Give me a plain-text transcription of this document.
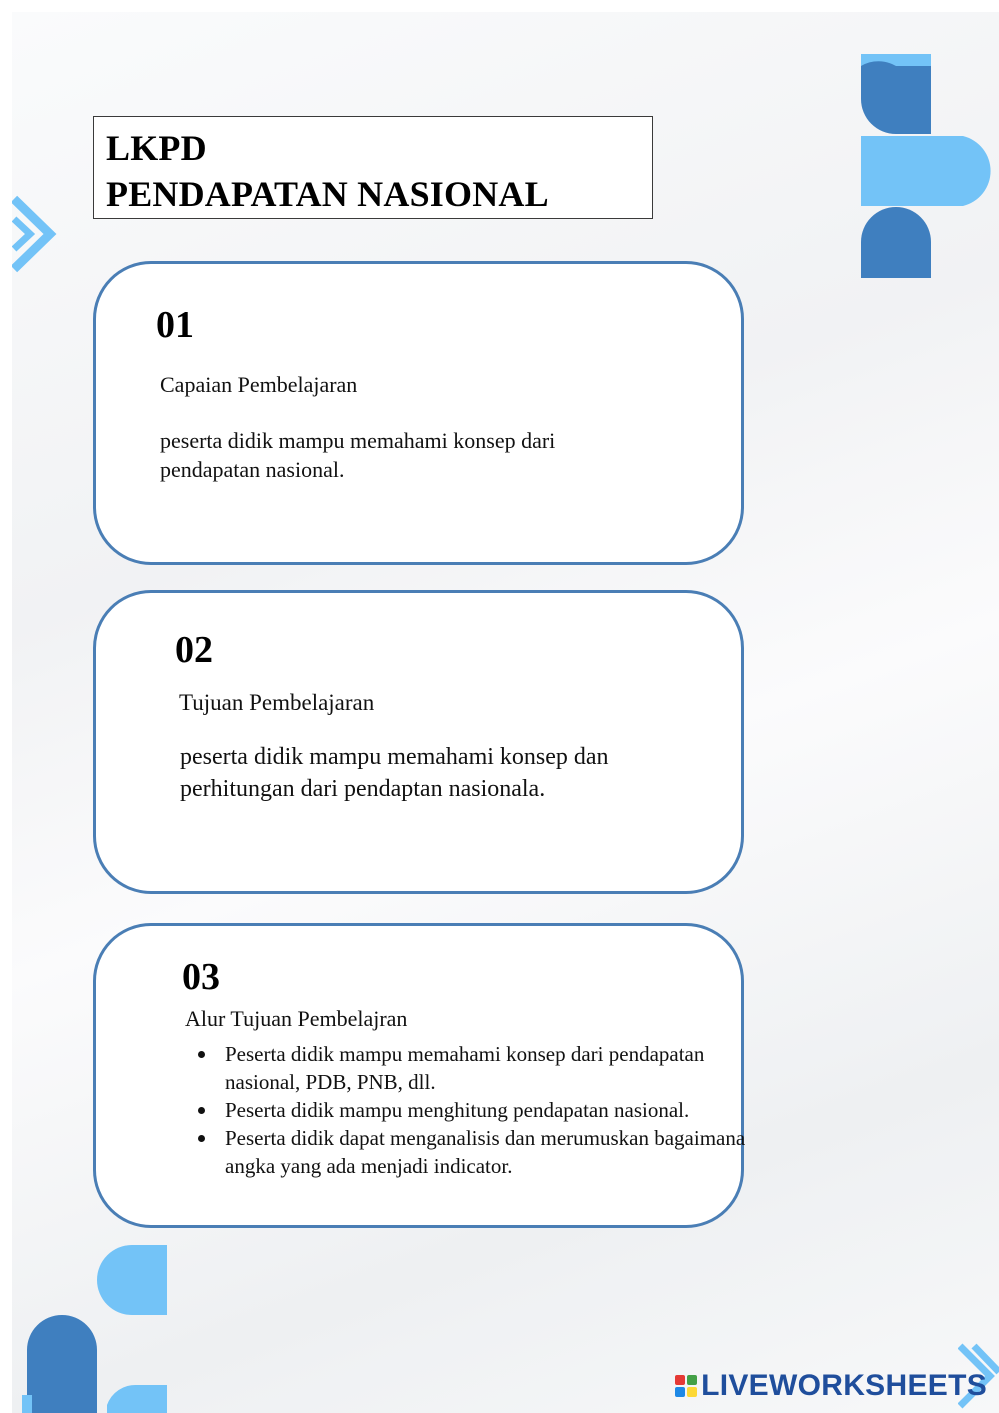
LKPD
PENDAPATAN NASIONAL
01
Capaian Pembelajaran
peserta didik mampu memahami konsep dari pendapatan nasional.
02
Tujuan Pembelajaran
peserta didik mampu memahami konsep dan perhitungan dari pendaptan nasionala.
03
Alur Tujuan Pembelajran
Peserta didik mampu memahami konsep dari pendapatan nasional, PDB, PNB, dll.
Peserta didik mampu menghitung pendapatan nasional.
Peserta didik dapat menganalisis dan merumuskan bagaimana angka yang ada menjadi indicator.
LIVEWORKSHEETS
